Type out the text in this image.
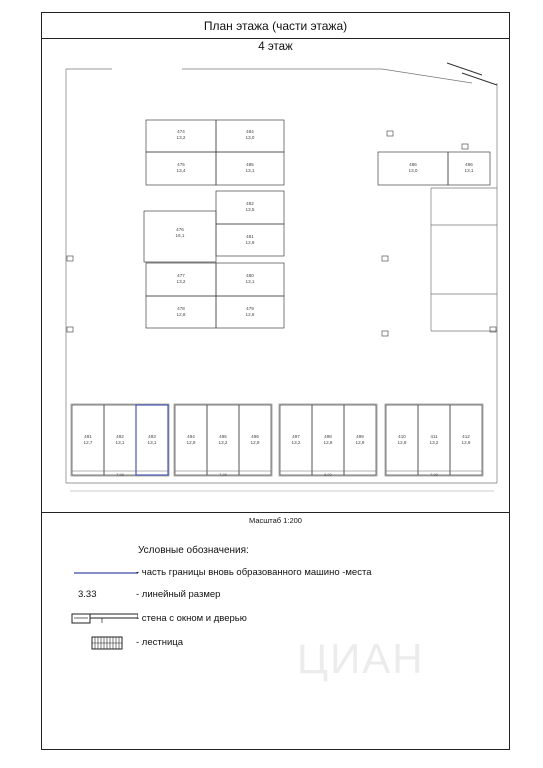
План этажа (части этажа)
4 этаж
474
13,2
484
13,0
475
13,4
485
13,1
482
13,5
476
16,1	481
12,9
477
13,2
480
13,1
478
12,8
479
12,6
486
13,0
496
13,1
491
12,7
492
13,1
493
13,1
494
12,9
495
13,2
496
12,9
497
13,2
498
12,8
499
12,9
410
12,8
411
13,2
412
12,9
7,98	7,98	8,00	7,98
Масштаб 1:200
Условные обозначения:
- часть границы вновь образованного машино -места
3.33	- линейный размер
- стена с окном и дверью
- лестница	ЦИАН
